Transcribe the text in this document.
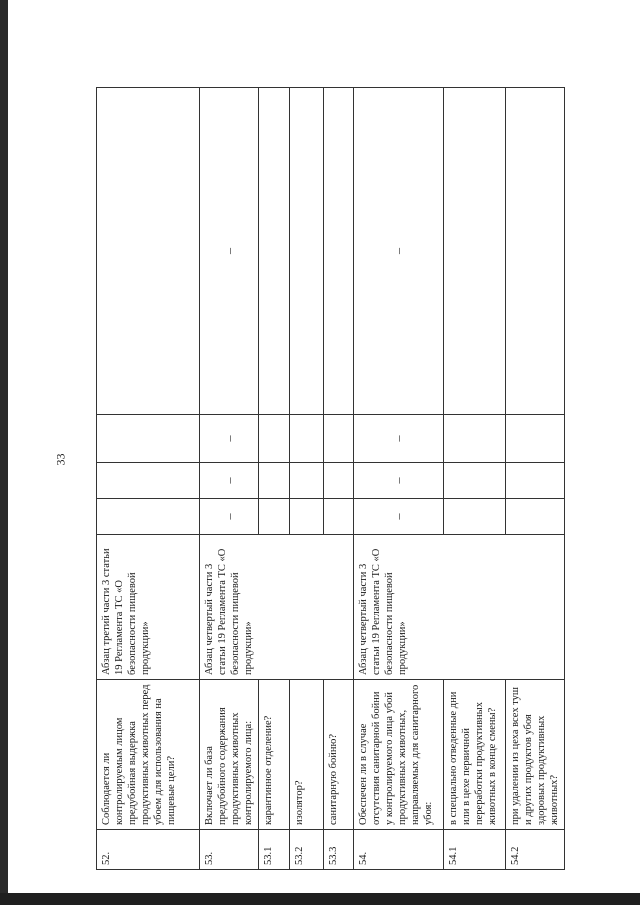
33
52.	Соблюдается ли контролируемым лицом предубойная выдержка продуктивных животных перед убоем для использования на пищевые цели?	Абзац третий части 3 статьи 19 Регламента ТС «О безопасности пищевой продукции»				
53.	Включает ли база предубойного содержания продуктивных животных контролируемого лица:	Абзац четвертый части 3 статьи 19 Регламента ТС «О безопасности пищевой продукции»	–	–	–	–
53.1	карантинное отделение?					
53.2	изолятор?					
53.3	санитарную бойню?					
54.	Обеспечен ли в случае отсутствия санитарной бойни у контролируемого лица убой продуктивных животных, направляемых для санитарного убоя:	Абзац четвертый части 3 статьи 19 Регламента ТС «О безопасности пищевой продукции»	–	–	–	–
54.1	в специально отведенные дни или в цехе первичной переработки продуктивных животных в конце смены?					
54.2	при удалении из цеха всех туш и других продуктов убоя здоровых продуктивных животных?					
